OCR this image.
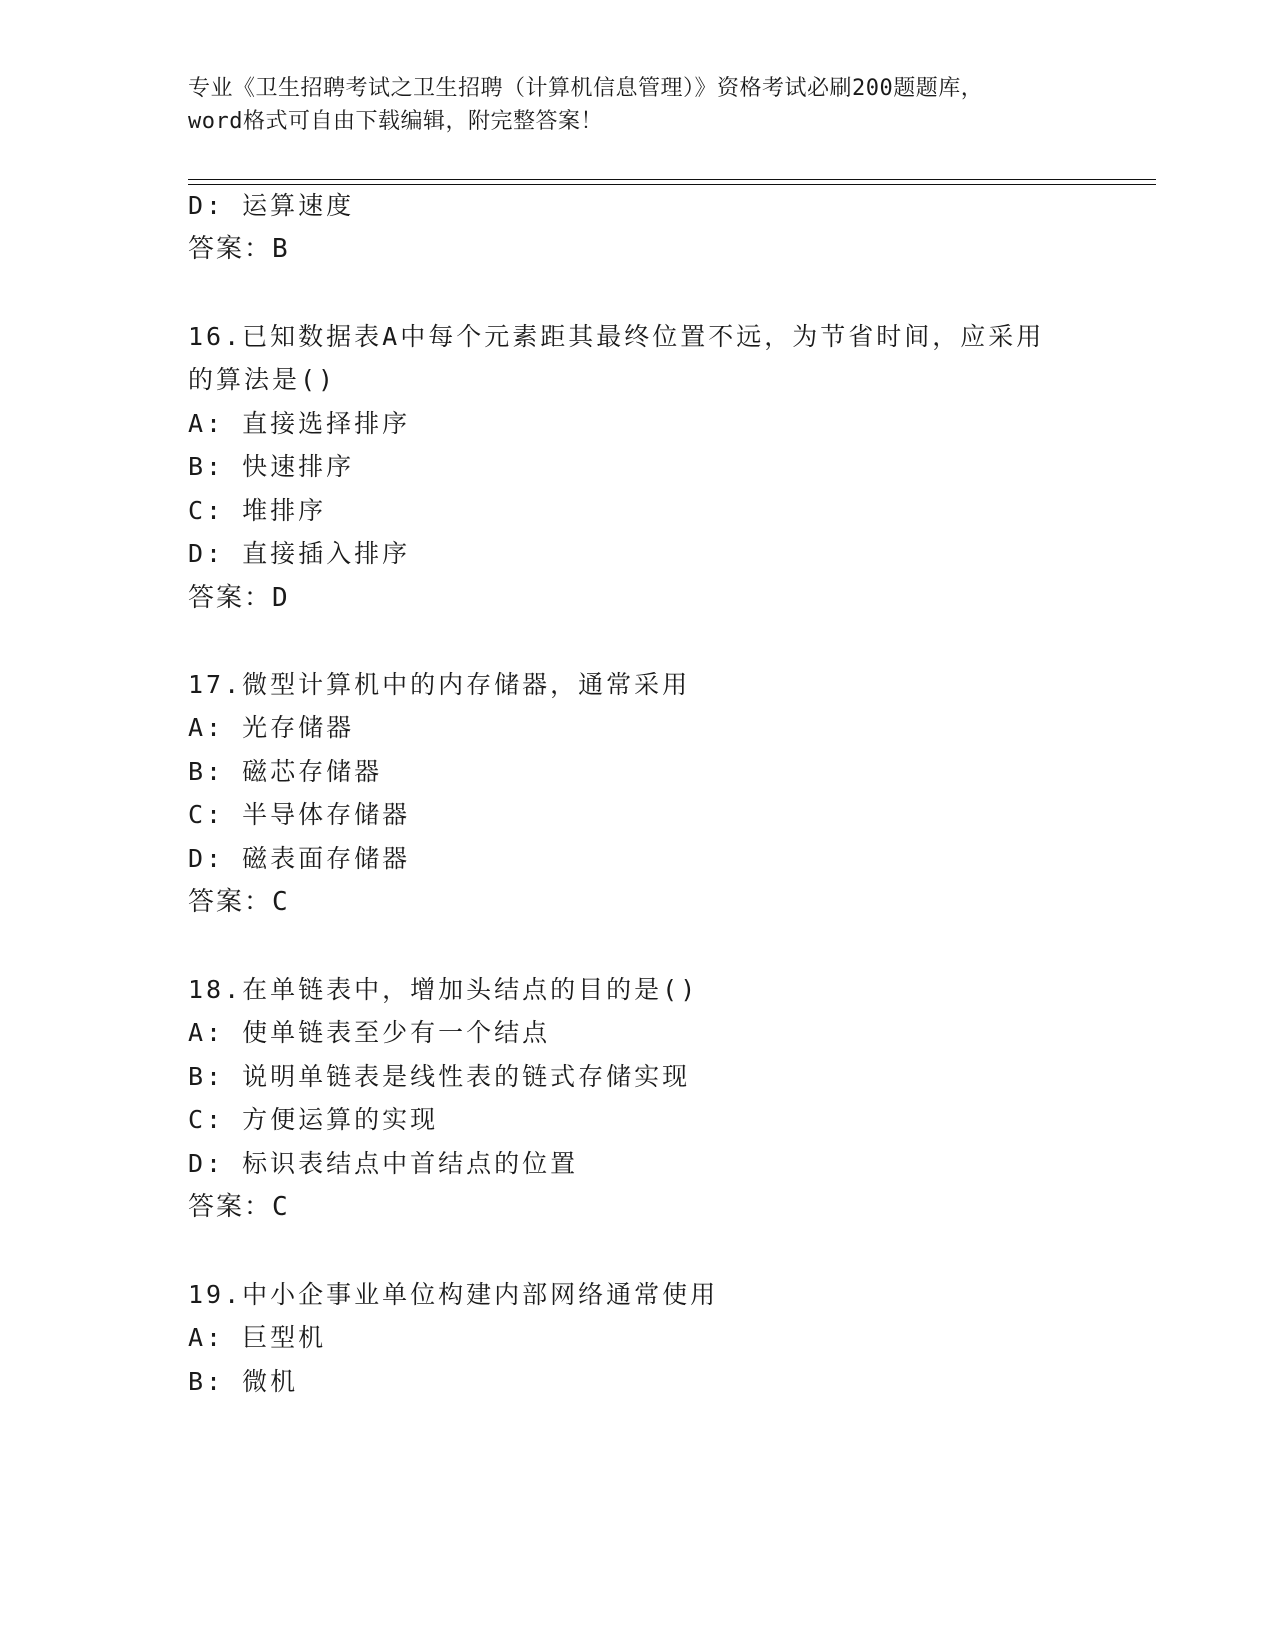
专业《卫生招聘考试之卫生招聘（计算机信息管理）》资格考试必刷200题题库，
word格式可自由下载编辑，附完整答案！
D: 运算速度
答案：B
16.已知数据表A中每个元素距其最终位置不远，为节省时间，应采用
的算法是()
A: 直接选择排序
B: 快速排序
C: 堆排序
D: 直接插入排序
答案：D
17.微型计算机中的内存储器，通常采用
A: 光存储器
B: 磁芯存储器
C: 半导体存储器
D: 磁表面存储器
答案：C
18.在单链表中，增加头结点的目的是()
A: 使单链表至少有一个结点
B: 说明单链表是线性表的链式存储实现
C: 方便运算的实现
D: 标识表结点中首结点的位置
答案：C
19.中小企事业单位构建内部网络通常使用
A: 巨型机
B: 微机
